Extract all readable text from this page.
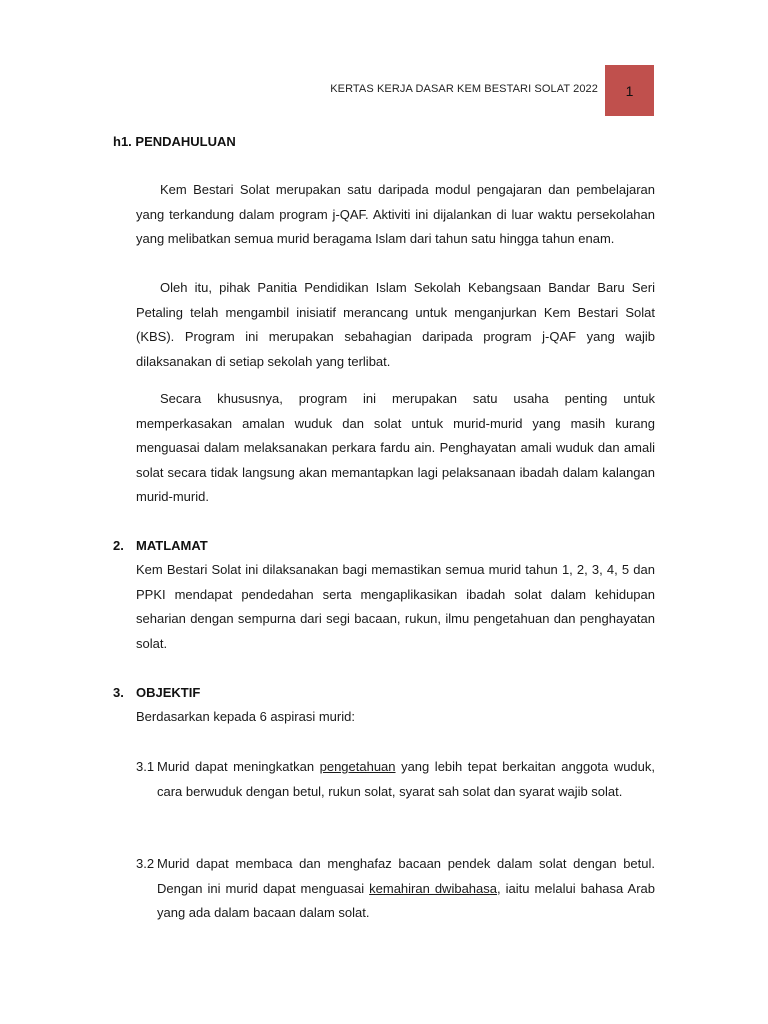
KERTAS KERJA DASAR KEM BESTARI SOLAT 2022 1
h1. PENDAHULUAN
Kem Bestari Solat merupakan satu daripada modul pengajaran dan pembelajaran yang terkandung dalam program j-QAF. Aktiviti ini dijalankan di luar waktu persekolahan yang melibatkan semua murid beragama Islam dari tahun satu hingga tahun enam.
Oleh itu, pihak Panitia Pendidikan Islam Sekolah Kebangsaan Bandar Baru Seri Petaling telah mengambil inisiatif merancang untuk menganjurkan Kem Bestari Solat (KBS). Program ini merupakan sebahagian daripada program j-QAF yang wajib dilaksanakan di setiap sekolah yang terlibat.
Secara khususnya, program ini merupakan satu usaha penting untuk memperkasakan amalan wuduk dan solat untuk murid-murid yang masih kurang menguasai dalam melaksanakan perkara fardu ain. Penghayatan amali wuduk dan amali solat secara tidak langsung akan memantapkan lagi pelaksanaan ibadah dalam kalangan murid-murid.
2. MATLAMAT
Kem Bestari Solat ini dilaksanakan bagi memastikan semua murid tahun 1, 2, 3, 4, 5 dan PPKI mendapat pendedahan serta mengaplikasikan ibadah solat dalam kehidupan seharian dengan sempurna dari segi bacaan, rukun, ilmu pengetahuan dan penghayatan solat.
3. OBJEKTIF
Berdasarkan kepada 6 aspirasi murid:
3.1 Murid dapat meningkatkan pengetahuan yang lebih tepat berkaitan anggota wuduk, cara berwuduk dengan betul, rukun solat, syarat sah solat dan syarat wajib solat.
3.2 Murid dapat membaca dan menghafaz bacaan pendek dalam solat dengan betul. Dengan ini murid dapat menguasai kemahiran dwibahasa, iaitu melalui bahasa Arab yang ada dalam bacaan dalam solat.
